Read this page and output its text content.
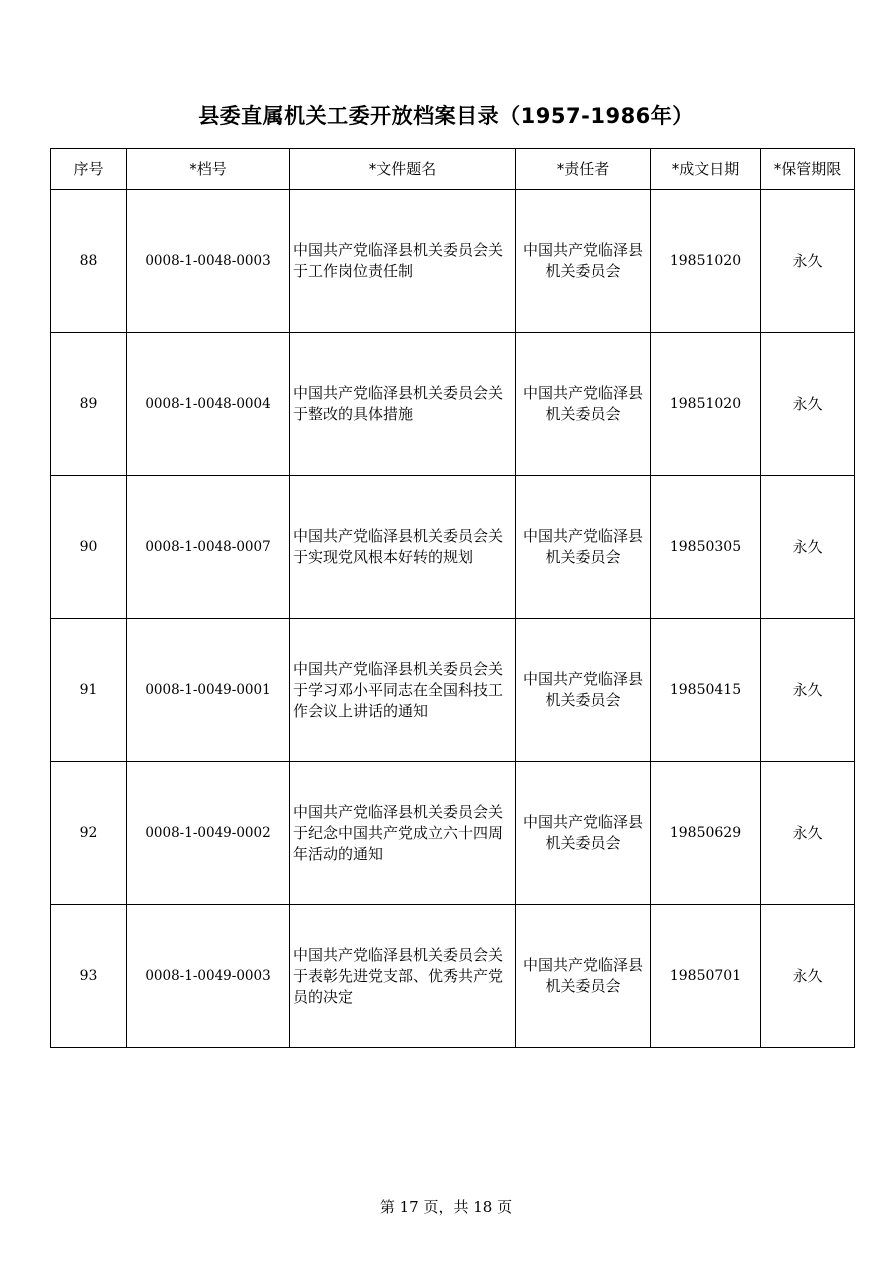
县委直属机关工委开放档案目录（1957-1986年）
序号	*档号	*文件题名	*责任者	*成文日期	*保管期限
88	0008-1-0048-0003	中国共产党临泽县机关委员会关于工作岗位责任制	中国共产党临泽县机关委员会	19851020	永久
89	0008-1-0048-0004	中国共产党临泽县机关委员会关于整改的具体措施	中国共产党临泽县机关委员会	19851020	永久
90	0008-1-0048-0007	中国共产党临泽县机关委员会关于实现党风根本好转的规划	中国共产党临泽县机关委员会	19850305	永久
91	0008-1-0049-0001	中国共产党临泽县机关委员会关于学习邓小平同志在全国科技工作会议上讲话的通知	中国共产党临泽县机关委员会	19850415	永久
92	0008-1-0049-0002	中国共产党临泽县机关委员会关于纪念中国共产党成立六十四周年活动的通知	中国共产党临泽县机关委员会	19850629	永久
93	0008-1-0049-0003	中国共产党临泽县机关委员会关于表彰先进党支部、优秀共产党员的决定	中国共产党临泽县机关委员会	19850701	永久
第 17 页，共 18 页
